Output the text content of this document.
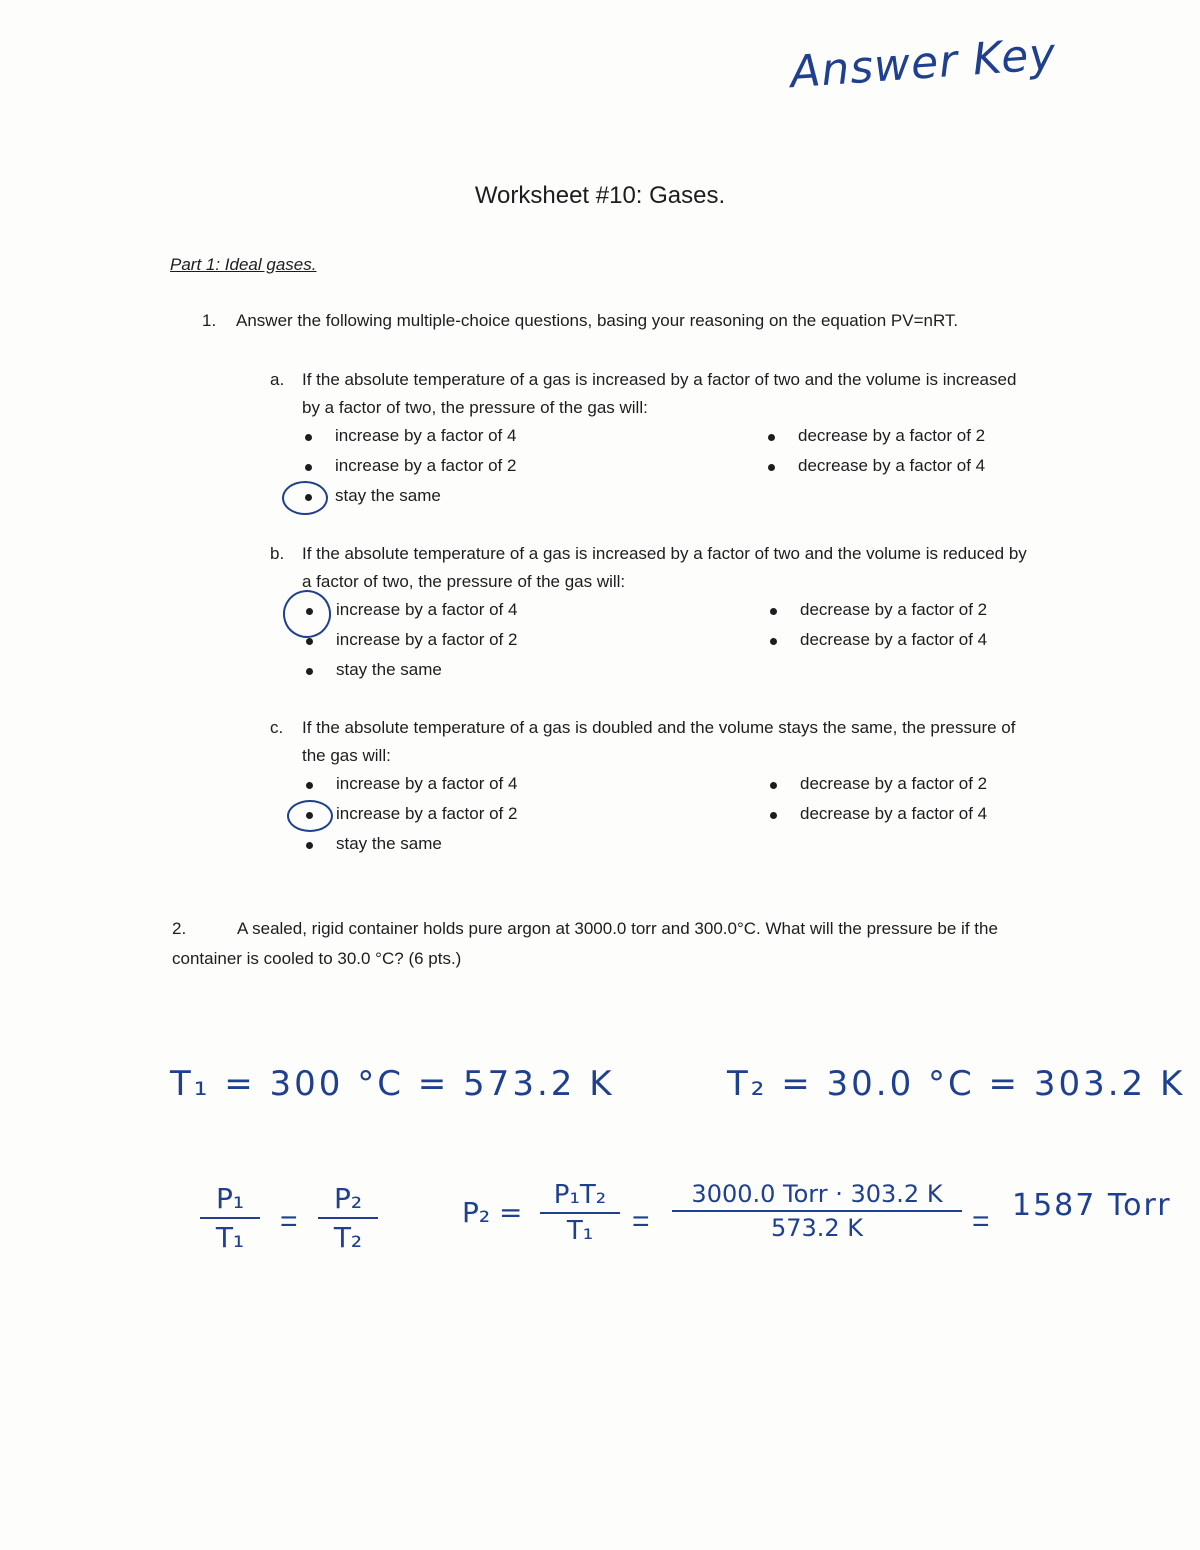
Answer Key
Worksheet #10: Gases.
Part 1: Ideal gases.
1. Answer the following multiple-choice questions, basing your reasoning on the equation PV=nRT.
a. If the absolute temperature of a gas is increased by a factor of two and the volume is increased by a factor of two, the pressure of the gas will:
increase by a factor of 4
increase by a factor of 2
stay the same
decrease by a factor of 2
decrease by a factor of 4
b. If the absolute temperature of a gas is increased by a factor of two and the volume is reduced by a factor of two, the pressure of the gas will:
increase by a factor of 4
increase by a factor of 2
stay the same
decrease by a factor of 2
decrease by a factor of 4
c. If the absolute temperature of a gas is doubled and the volume stays the same, the pressure of the gas will:
increase by a factor of 4
increase by a factor of 2
stay the same
decrease by a factor of 2
decrease by a factor of 4
2.	A sealed, rigid container holds pure argon at 3000.0 torr and 300.0°C. What will the pressure be if the container is cooled to 30.0 °C? (6 pts.)
T₁ = 300 °C = 573.2 K	T₂ = 30.0 °C = 303.2 K
P₁
T₁	=
P₂
T₂
P₂ =
P₁T₂
T₁	=
3000.0 Torr · 303.2 K
573.2 K	= 1587 Torr
